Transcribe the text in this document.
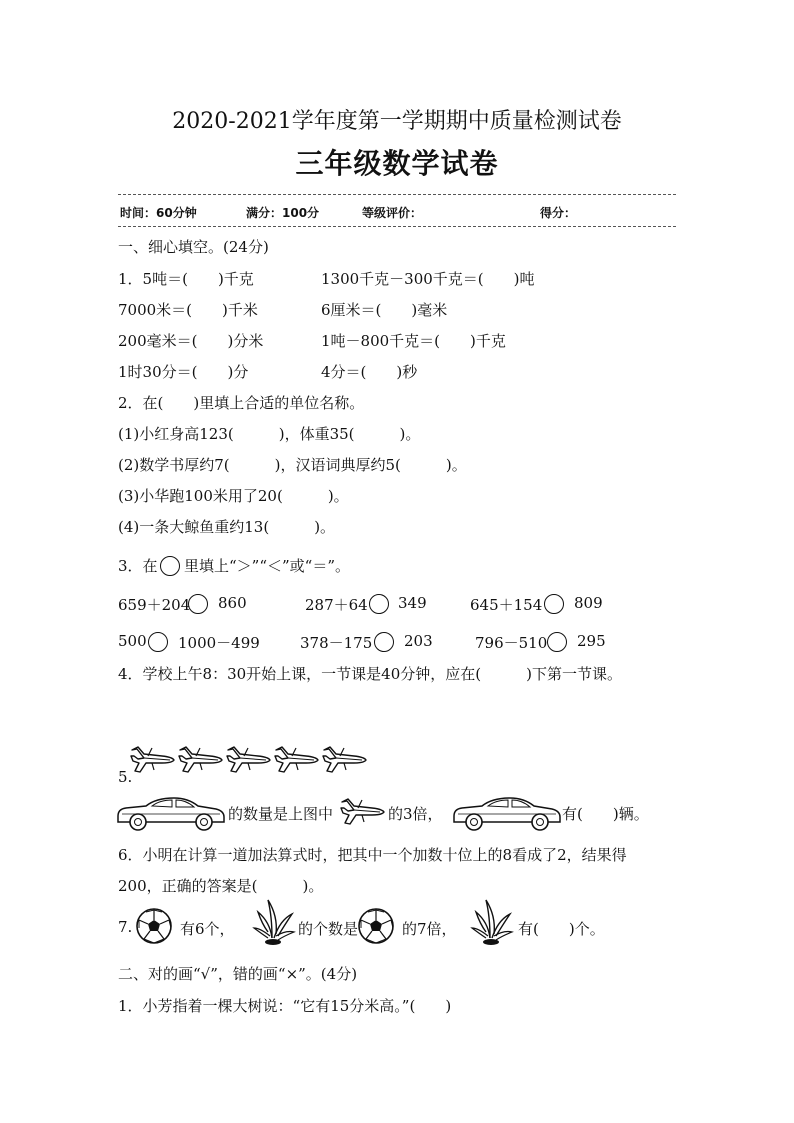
2020-2021学年度第一学期期中质量检测试卷
三年级数学试卷
时间：60分钟	满分：100分	等级评价：	得分：
一、细心填空。(24分)
1．5吨＝(　　)千克	1300千克－300千克＝(　　)吨
7000米＝(　　)千米	6厘米＝(　　)毫米
200毫米＝(　　)分米	1吨－800千克＝(　　)千克
1时30分＝(　　)分	4分＝(　　)秒
2．在(　　)里填上合适的单位名称。
(1)小红身高123(　　　)，体重35(　　　)。
(2)数学书厚约7(　　　)，汉语词典厚约5(　　　)。
(3)小华跑100米用了20(　　　)。
(4)一条大鲸鱼重约13(　　　)。
3．在 里填上“＞”“＜”或“＝”。
659＋204 860	287＋64 349	645＋154 809
500 1000－499	378－175 203	796－510 295
4．学校上午8：30开始上课，一节课是40分钟，应在(　　　)下第一节课。
5.
的数量是上图中	的3倍，	有(　　)辆。
6．小明在计算一道加法算式时，把其中一个加数十位上的8看成了2，结果得
200，正确的答案是(　　　)。
7.	有6个，	的个数是	的7倍，	有(　　)个。
二、对的画“√”，错的画“×”。(4分)
1．小芳指着一棵大树说：“它有15分米高。”(　　)
